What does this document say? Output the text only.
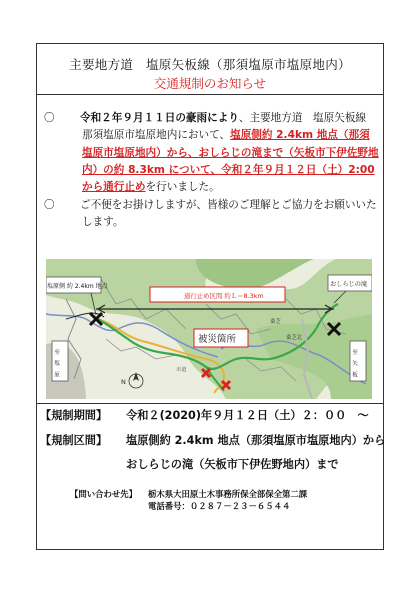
主要地方道　塩原矢板線（那須塩原市塩原地内）
交通規制のお知らせ
〇	令和２年９月１１日の豪雨により、主要地方道　塩原矢板線　那須塩原市塩原地内において、塩原側約 2.4km 地点（那須塩原市塩原地内）から、おしらじの滝まで（矢板市下伊佐野地内）の約 8.3km について、令和２年９月１２日（土）2:00 から通行止めを行いました。
〇	ご不便をお掛けしますが、皆様のご理解とご協力をお願いいたします。
塩原側 約 2.4km 地点	おしらじの滝
通行止め区間 約Ｌ＝8.3km
被災箇所
至　塩　原	至　矢　板
桑芝
桑芝北
市道
N
【規制期間】 令和２(2020)年９月１２日（土）２：００　～
【規制区間】 塩原側約 2.4km 地点（那須塩原市塩原地内）から
おしらじの滝（矢板市下伊佐野地内）まで
【問い合わせ先】 栃木県大田原土木事務所保全部保全第二課
電話番号：０２８７－２３－６５４４
